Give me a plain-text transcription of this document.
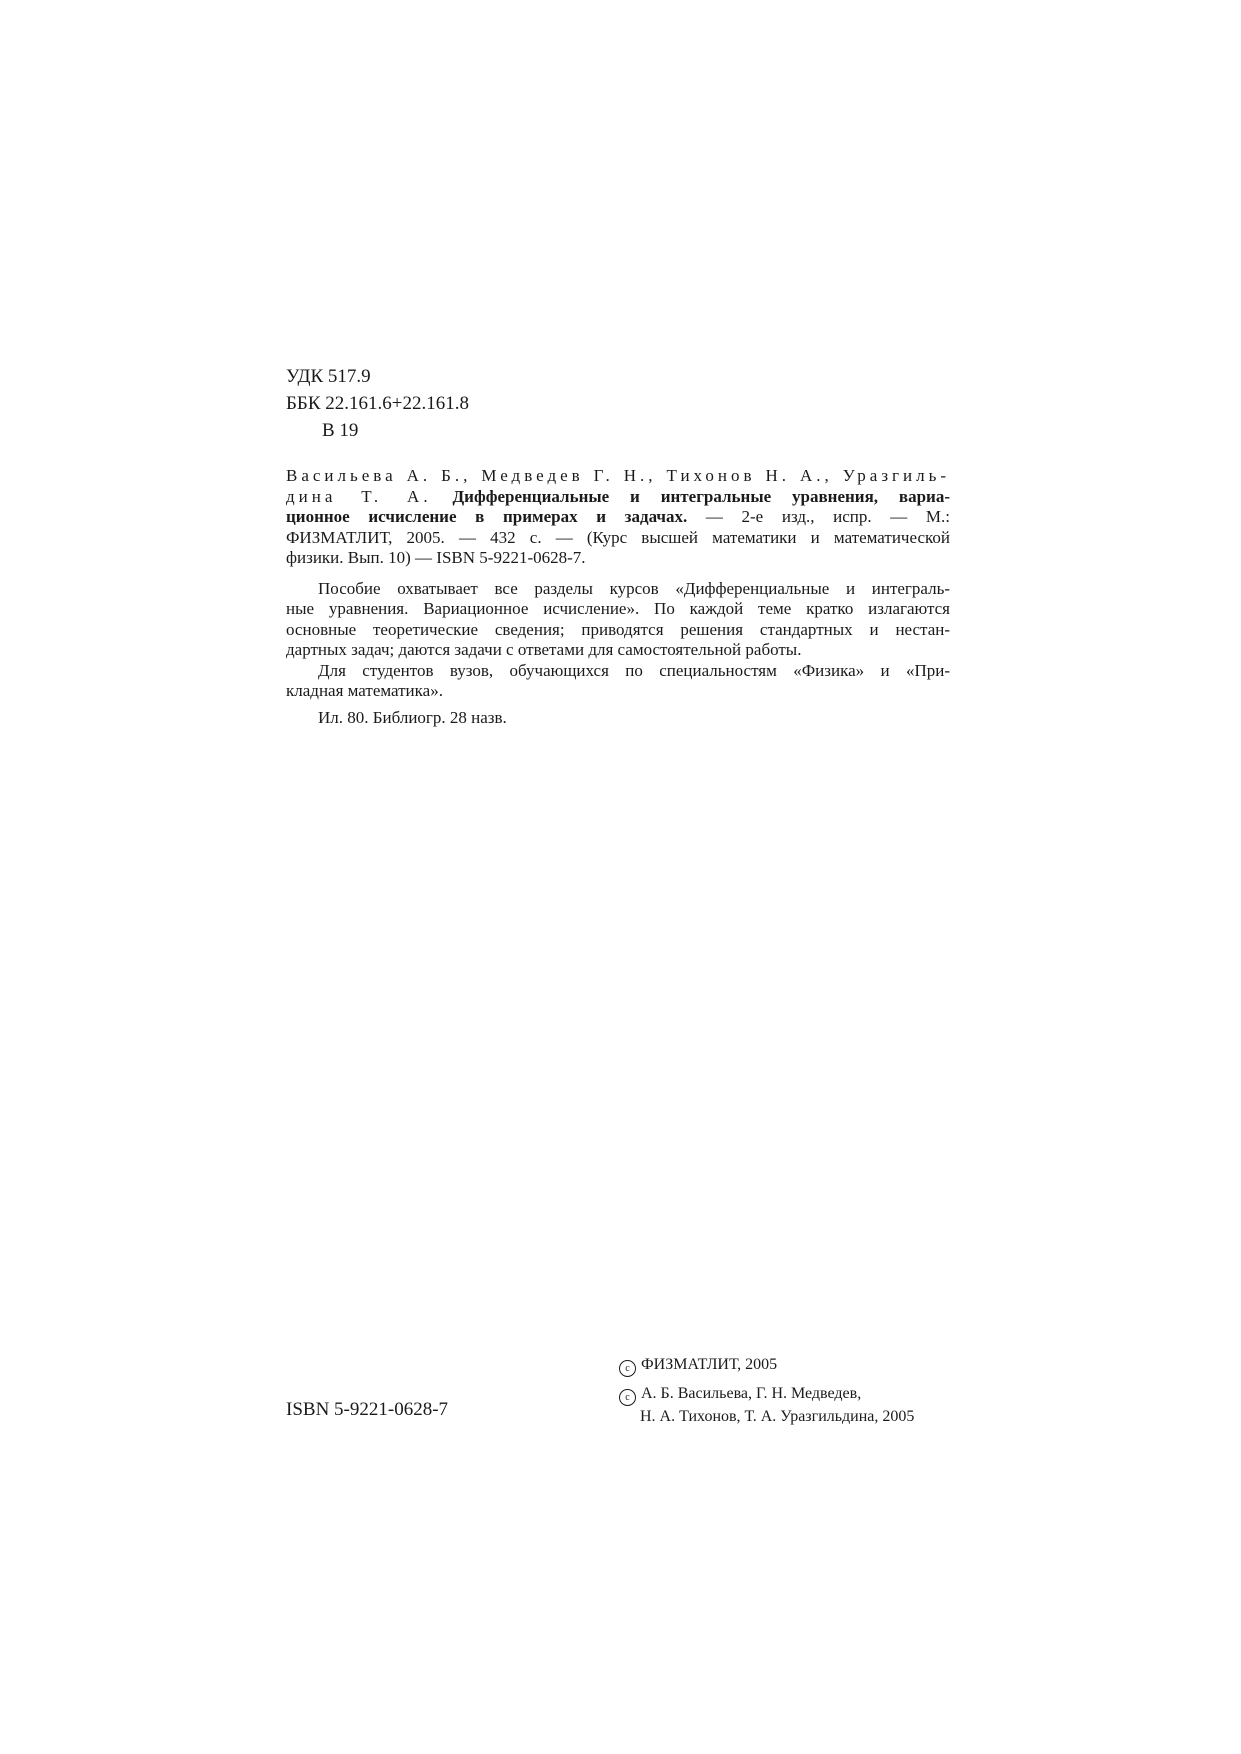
УДК 517.9
ББК 22.161.6+22.161.8
В 19
Васильева А. Б., Медведев Г. Н., Тихонов Н. А., Уразгиль-
дина Т. А. Дифференциальные и интегральные уравнения, вариа-
ционное исчисление в примерах и задачах. — 2-е изд., испр. — М.:
ФИЗМАТЛИТ, 2005. — 432 с. — (Курс высшей математики и математической
физики. Вып. 10) — ISBN 5-9221-0628-7.
Пособие охватывает все разделы курсов «Дифференциальные и интеграль-
ные уравнения. Вариационное исчисление». По каждой теме кратко излагаются
основные теоретические сведения; приводятся решения стандартных и нестан-
дартных задач; даются задачи с ответами для самостоятельной работы.
Для студентов вузов, обучающихся по специальностям «Физика» и «При-
кладная математика».
Ил. 80. Библиогр. 28 назв.
ISBN 5-9221-0628-7
c ФИЗМАТЛИТ, 2005
c А. Б. Васильева, Г. Н. Медведев,
Н. А. Тихонов, Т. А. Уразгильдина, 2005
